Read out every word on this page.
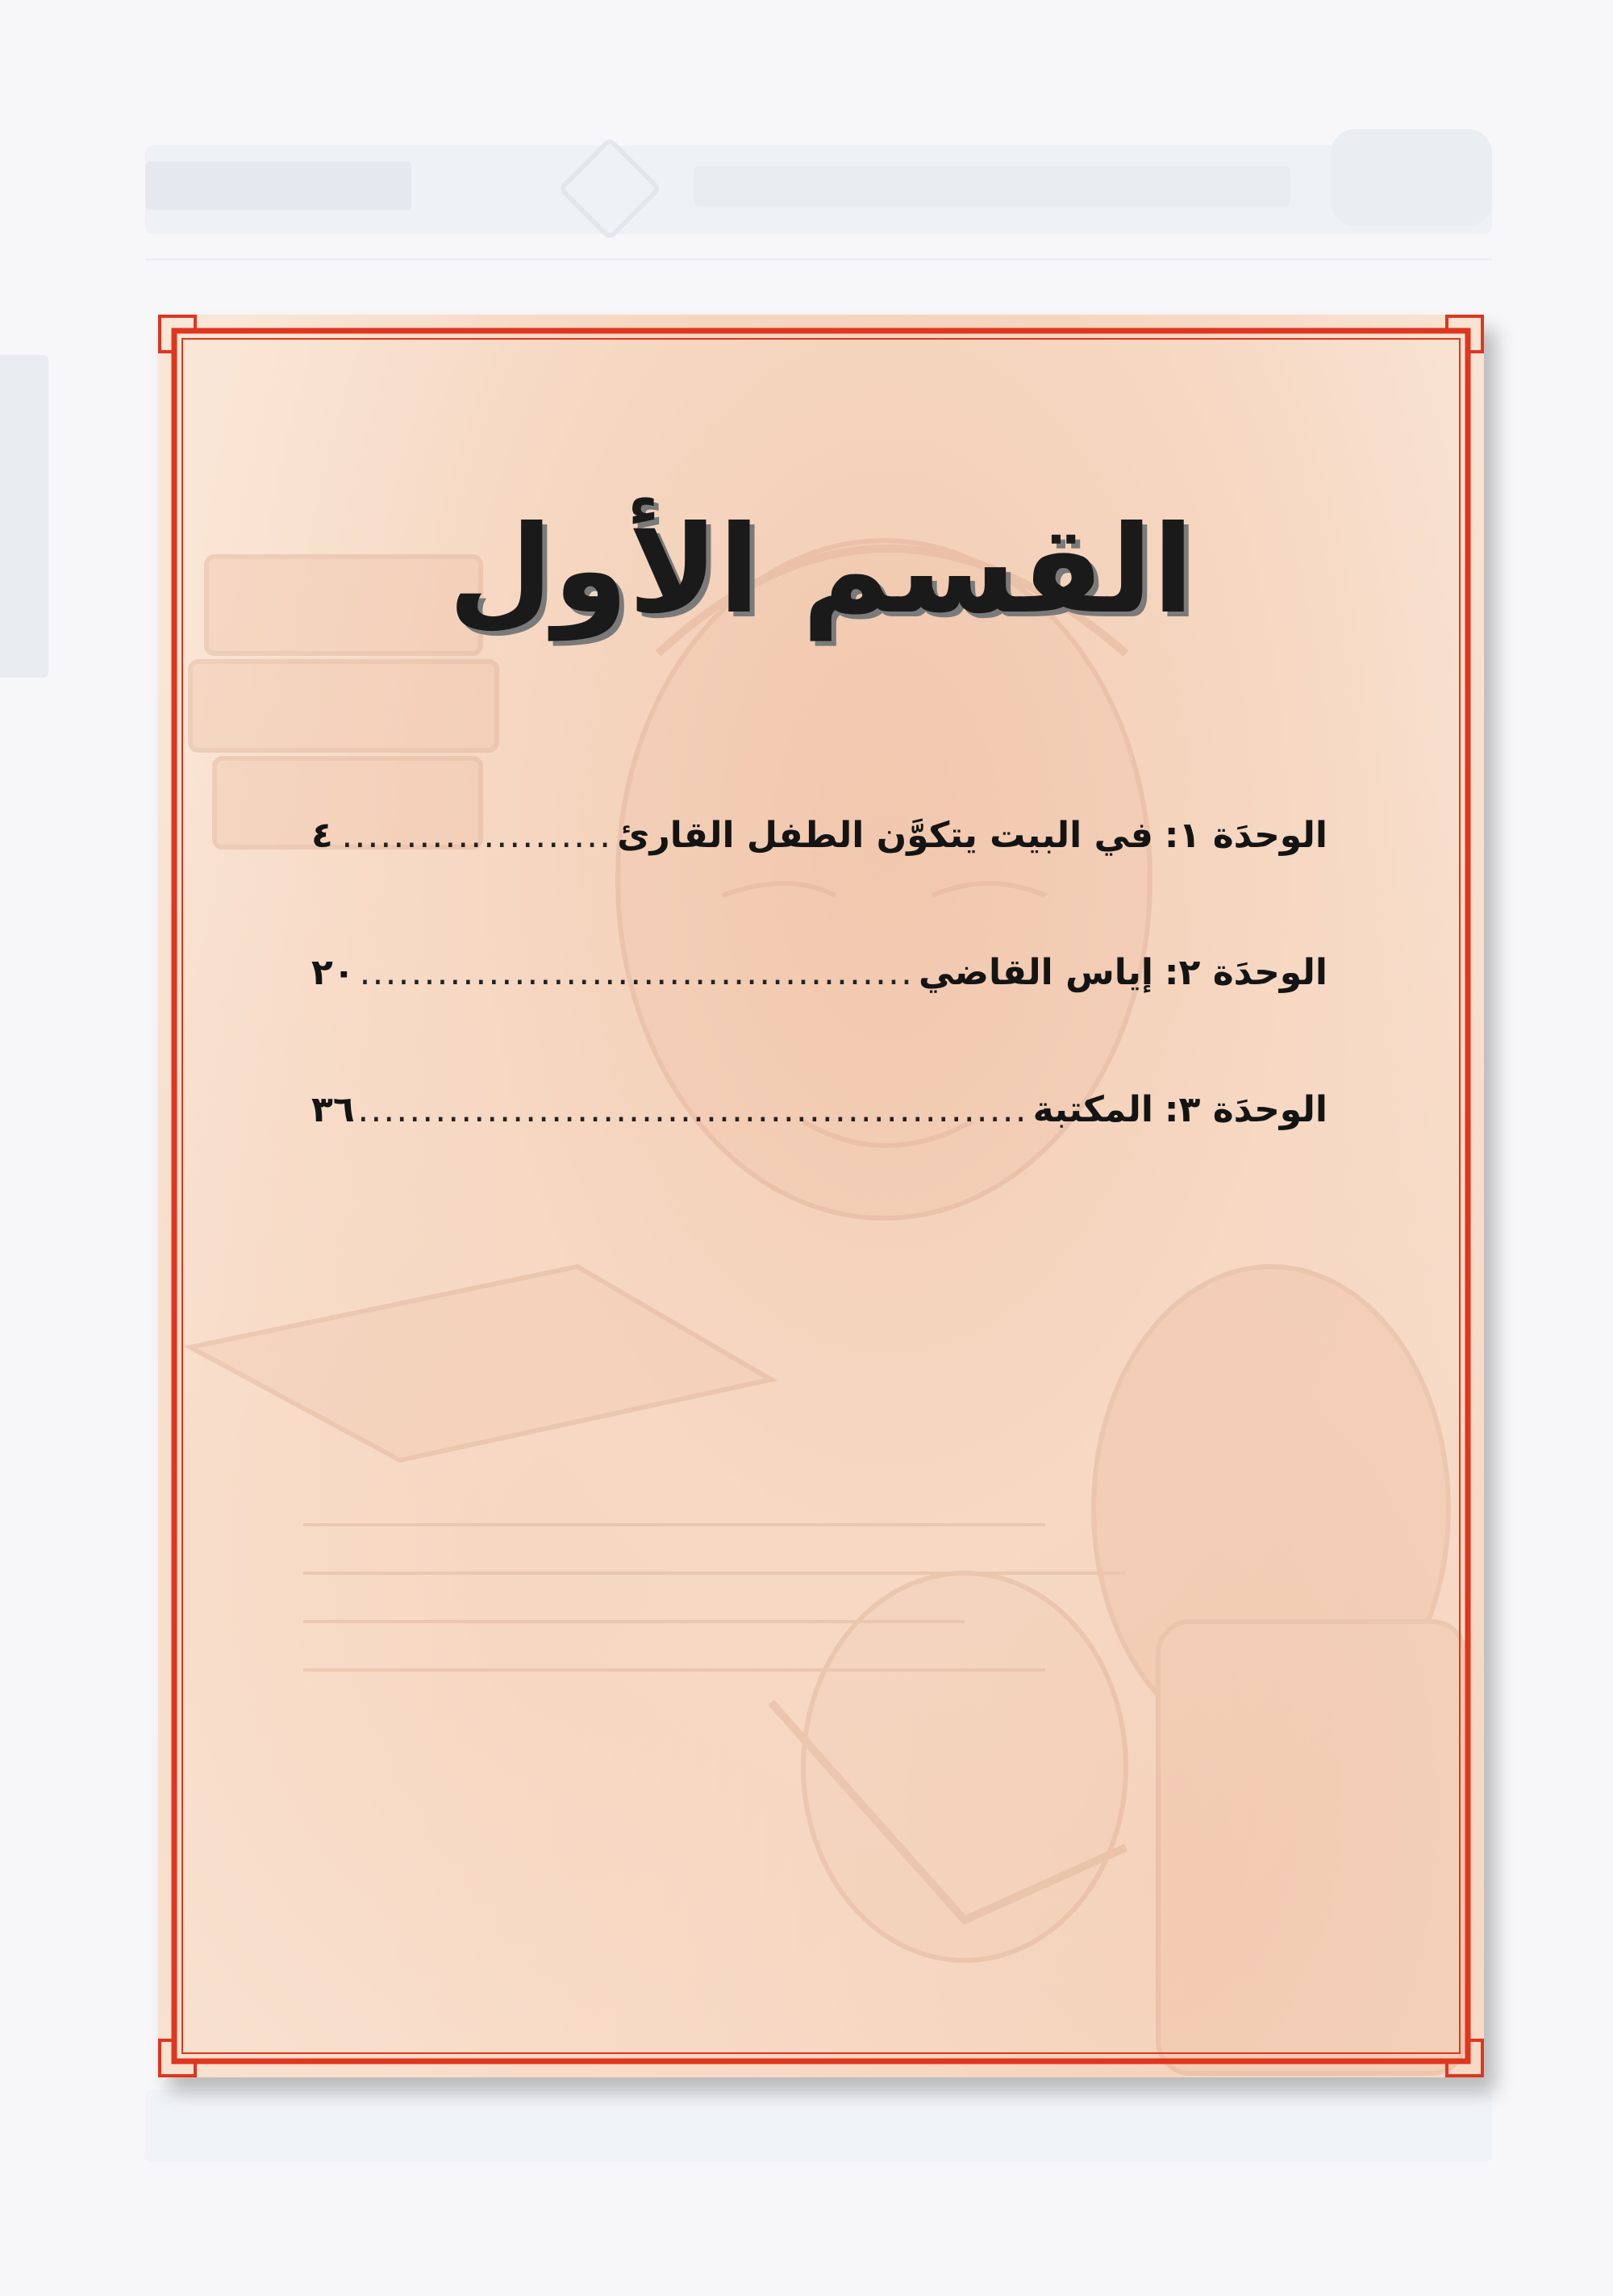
القسم الأول
الوحدَة ١
:
في البيت يتكوَّن الطفل القارئ
.....
٤
الوحدَة ٢
:
إياس القاضي
.....
٢٠
الوحدَة ٣
:
المكتبة
.....
٣٦
